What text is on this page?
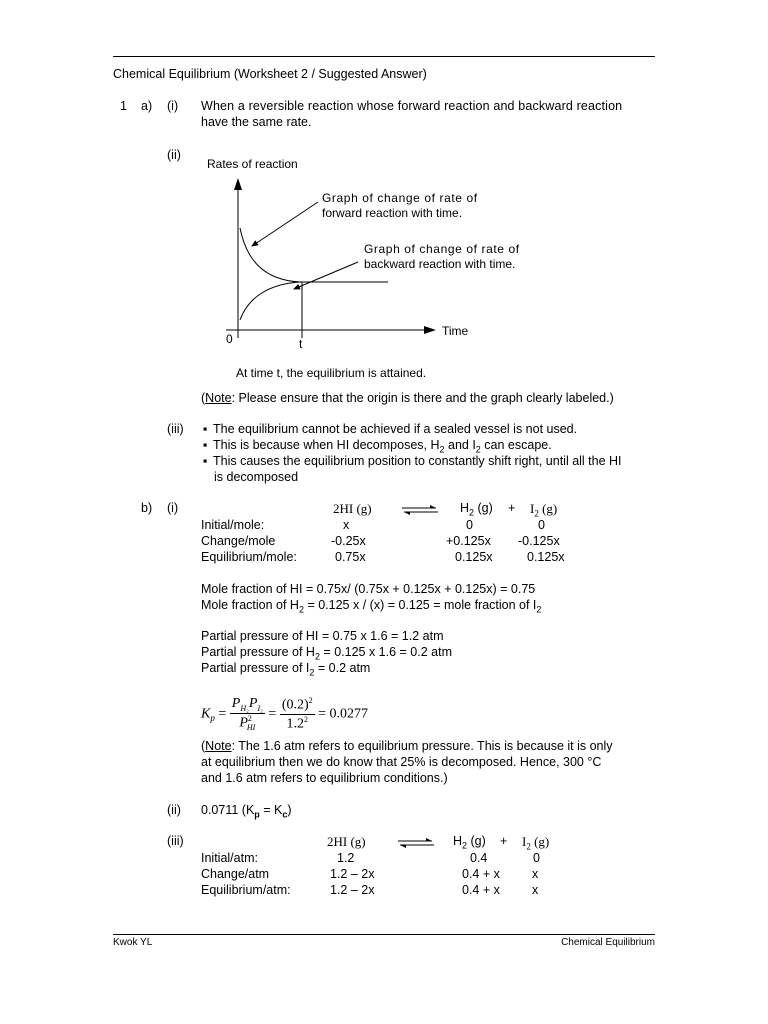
Chemical Equilibrium (Worksheet 2 / Suggested Answer)
1 a) (i) When a reversible reaction whose forward reaction and backward reaction
have the same rate.
(ii)
Rates of reaction
Graph of change of rate of
forward reaction with time.
Graph of change of rate of
backward reaction with time.
0	t
Time
At time t, the equilibrium is attained.
(Note: Please ensure that the origin is there and the graph clearly labeled.)
(iii) ▪ The equilibrium cannot be achieved if a sealed vessel is not used.
▪ This is because when HI decomposes, $H_2$ and $I_2$ can escape.
▪ This causes the equilibrium position to constantly shift right, until all the HI
is decomposed
b) (i)	2HI (g)	$H_2$ $(g) + I_2$ (g)
Initial/mole:	x	0	0
Change/mole	-0.25x	+0.125x -0.125x
Equilibrium/mole:	0.75x	0.125x	0.125x
Mole fraction of HI = 0.75x/ (0.75x + 0.125x + 0.125x) = 0.75
Mole fraction of $H_2 = 0.125$ x / (x) = 0.125 = mole fraction of $I_2$
Partial pressure of HI = 0.75 x 1.6 = 1.2 atm
Partial pressure of $H_2 = 0.125$ x 1.6 = 0.2 atm
Partial pressure of $I_2 = 0.2$ atm
$K_p = \frac{P_{H_2}P_{I_2}}{P^2_{HI}} = \frac{(0.2)^2}{1.2^2} = 0.0277$
(Note: The 1.6 atm refers to equilibrium pressure. This is because it is only
at equilibrium then we do know that 25% is decomposed. Hence, 300 °C
and 1.6 atm refers to equilibrium conditions.)
(ii) 0.0711 $(K_p = K_c)$
(iii)	2HI (g) ⇌ $H_2$ $(g) + I_2$ (g)
Initial/atm:	1.2	0.4	0
Change/atm	1.2 – 2x	0.4 + x	x
Equilibrium/atm:	1.2 – 2x	0.4 + x	x
Kwok YL	Chemical Equilibrium
